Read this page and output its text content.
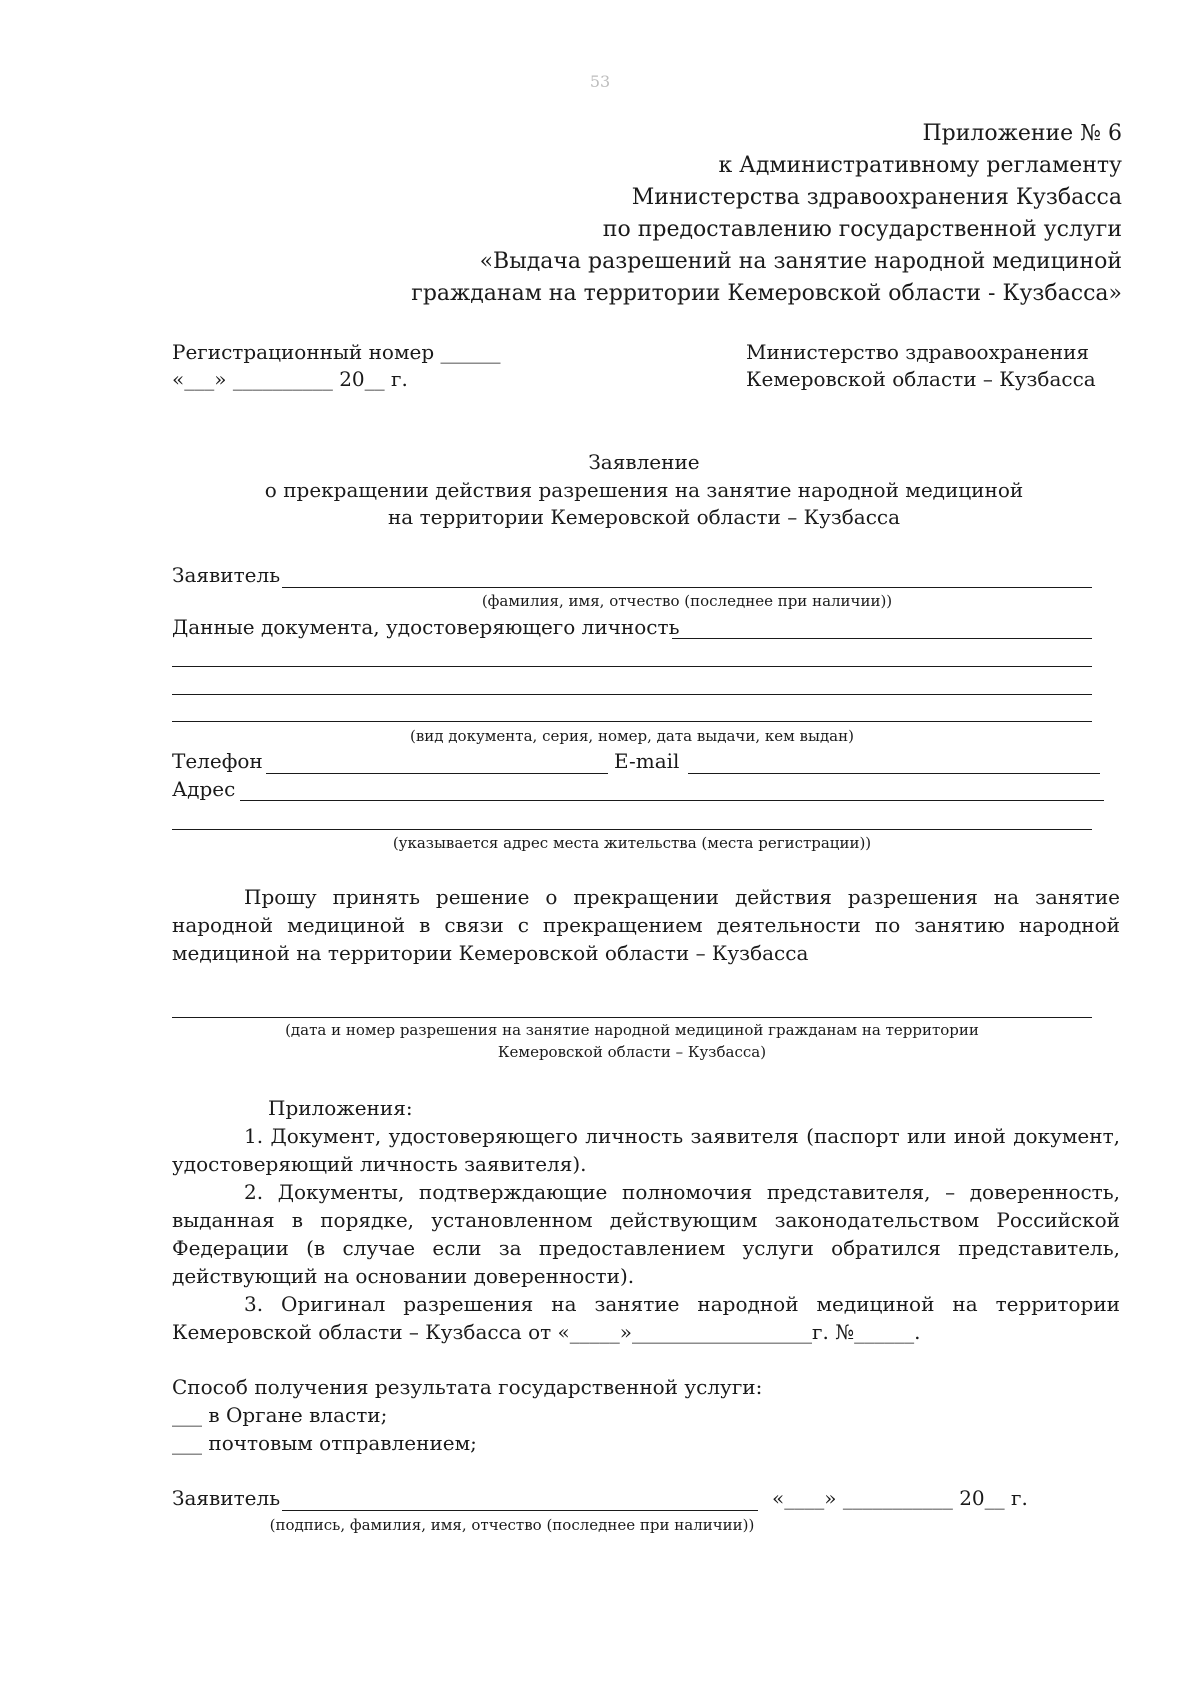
53
Приложение № 6
к Административному регламенту
Министерства здравоохранения Кузбасса
по предоставлению государственной услуги
«Выдача разрешений на занятие народной медициной
гражданам на территории Кемеровской области - Кузбасса»
Регистрационный номер ______
«___» __________ 20__ г.
Министерство здравоохранения
Кемеровской области – Кузбасса
Заявление
о прекращении действия разрешения на занятие народной медициной
на территории Кемеровской области – Кузбасса
Заявитель
(фамилия, имя, отчество (последнее при наличии))
Данные документа, удостоверяющего личность
(вид документа, серия, номер, дата выдачи, кем выдан)
Телефон	E-mail
Адрес
(указывается адрес места жительства (места регистрации))
Прошу принять решение о прекращении действия разрешения на занятие народной медициной в связи с прекращением деятельности по занятию народной медициной на территории Кемеровской области – Кузбасса
(дата и номер разрешения на занятие народной медициной гражданам на территории
Кемеровской области – Кузбасса)
Приложения:
1. Документ, удостоверяющего личность заявителя (паспорт или иной документ, удостоверяющий личность заявителя).
2. Документы, подтверждающие полномочия представителя, – доверенность, выданная в порядке, установленном действующим законодательством Российской Федерации (в случае если за предоставлением услуги обратился представитель, действующий на основании доверенности).
3. Оригинал разрешения на занятие народной медициной на территории Кемеровской области – Кузбасса от «_____»__________________г. №______.
Способ получения результата государственной услуги:
___ в Органе власти;
___ почтовым отправлением;
Заявитель	«____» ___________ 20__ г.
(подпись, фамилия, имя, отчество (последнее при наличии))
